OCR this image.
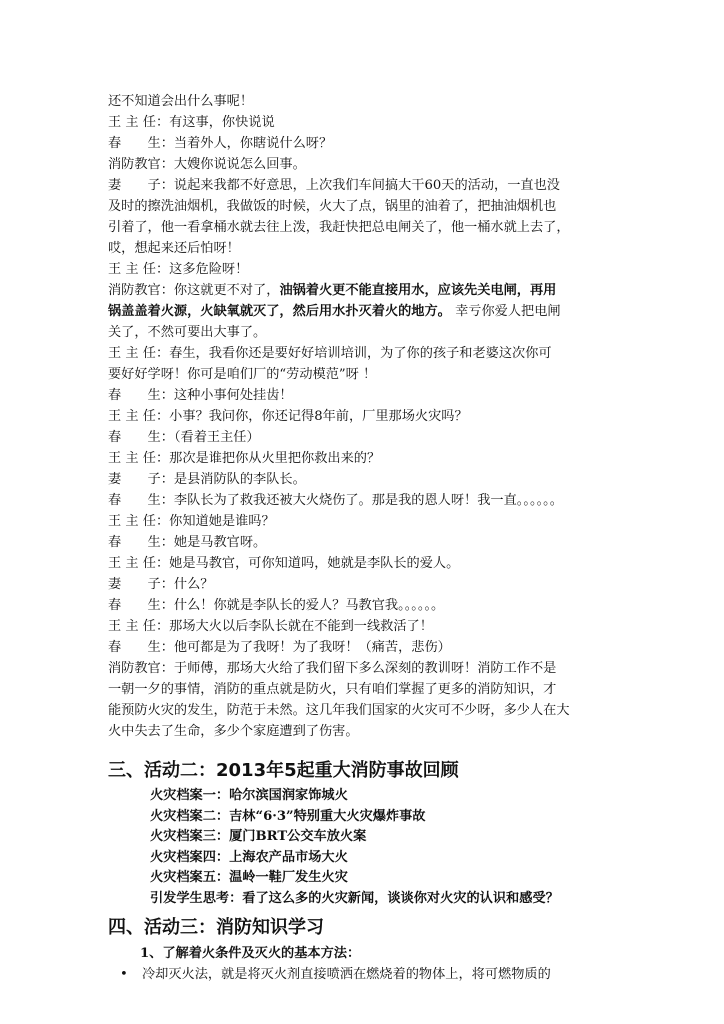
还不知道会出什么事呢！
王 主 任：有这事，你快说说
春　　生：当着外人，你瞎说什么呀？
消防教官：大嫂你说说怎么回事。
妻　　子：说起来我都不好意思，上次我们车间搞大干60天的活动，一直也没
及时的擦洗油烟机，我做饭的时候，火大了点，锅里的油着了，把抽油烟机也
引着了，他一看拿桶水就去往上泼，我赶快把总电闸关了，他一桶水就上去了，
哎，想起来还后怕呀！
王 主 任：这多危险呀！
消防教官：你这就更不对了，油锅着火更不能直接用水，应该先关电闸，再用
锅盖盖着火源，火缺氧就灭了，然后用水扑灭着火的地方。 幸亏你爱人把电闸
关了，不然可要出大事了。
王 主 任：春生，我看你还是要好好培训培训，为了你的孩子和老婆这次你可
要好好学呀！你可是咱们厂的“劳动模范”呀 ！
春　　生：这种小事何处挂齿！
王 主 任：小事？我问你，你还记得8年前，厂里那场火灾吗？
春　　生：（看着王主任）
王 主 任：那次是谁把你从火里把你救出来的？
妻　　子：是县消防队的李队长。
春　　生：李队长为了救我还被大火烧伤了。那是我的恩人呀！我一直。。。。。。
王 主 任：你知道她是谁吗？
春　　生：她是马教官呀。
王 主 任：她是马教官，可你知道吗，她就是李队长的爱人。
妻　　子：什么？
春　　生：什么！你就是李队长的爱人？马教官我。。。。。。
王 主 任：那场大火以后李队长就在不能到一线救活了！
春　　生：他可都是为了我呀！为了我呀！（痛苦，悲伤）
消防教官：于师傅，那场大火给了我们留下多么深刻的教训呀！消防工作不是
一朝一夕的事情，消防的重点就是防火，只有咱们掌握了更多的消防知识，才
能预防火灾的发生，防范于未然。这几年我们国家的火灾可不少呀，多少人在大
火中失去了生命，多少个家庭遭到了伤害。
三、活动二：2013年5起重大消防事故回顾
火灾档案一：哈尔滨国润家饰城火
火灾档案二：吉林“6·3”特别重大火灾爆炸事故
火灾档案三：厦门BRT公交车放火案
火灾档案四：上海农产品市场大火
火灾档案五：温岭一鞋厂发生火灾
引发学生思考：看了这么多的火灾新闻，谈谈你对火灾的认识和感受？
四、活动三：消防知识学习
1、了解着火条件及灭火的基本方法：
• 冷却灭火法，就是将灭火剂直接喷洒在燃烧着的物体上，将可燃物质的
